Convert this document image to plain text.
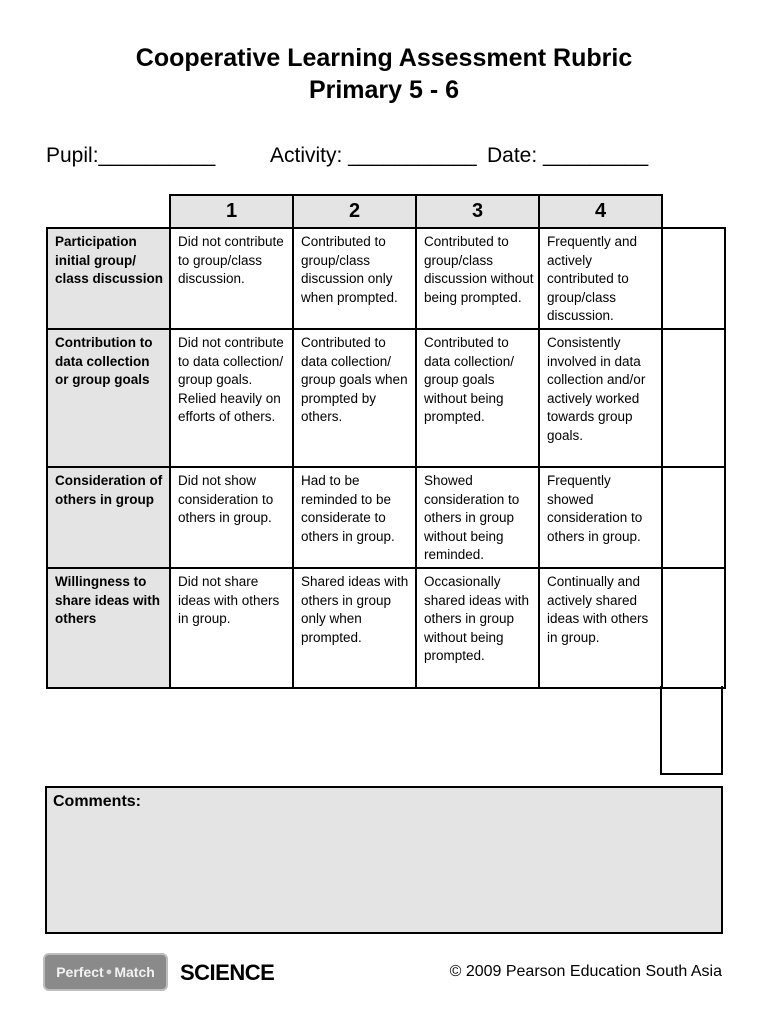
Cooperative Learning Assessment Rubric
Primary 5 - 6
Pupil:__________	Activity: ___________ Date: _________
	1	2	3	4	
Participation initial group/ class discussion	Did not contribute to group/class discussion.	Contributed to group/class discussion only when prompted.	Contributed to group/class discussion without being prompted.	Frequently and actively contributed to group/class discussion.	
Contribution to data collection or group goals	Did not contribute to data collection/ group goals. Relied heavily on efforts of others.	Contributed to data collection/ group goals when prompted by others.	Contributed to data collection/ group goals without being prompted.	Consistently involved in data collection and/or actively worked towards group goals.	
Consideration of others in group	Did not show consideration to others in group.	Had to be reminded to be considerate to others in group.	Showed consideration to others in group without being reminded.	Frequently showed consideration to others in group.	
Willingness to share ideas with others	Did not share ideas with others in group.	Shared ideas with others in group only when prompted.	Occasionally shared ideas with others in group without being prompted.	Continually and actively shared ideas with others in group.	
Comments:
Perfect ● Match SCIENCE	© 2009 Pearson Education South Asia
